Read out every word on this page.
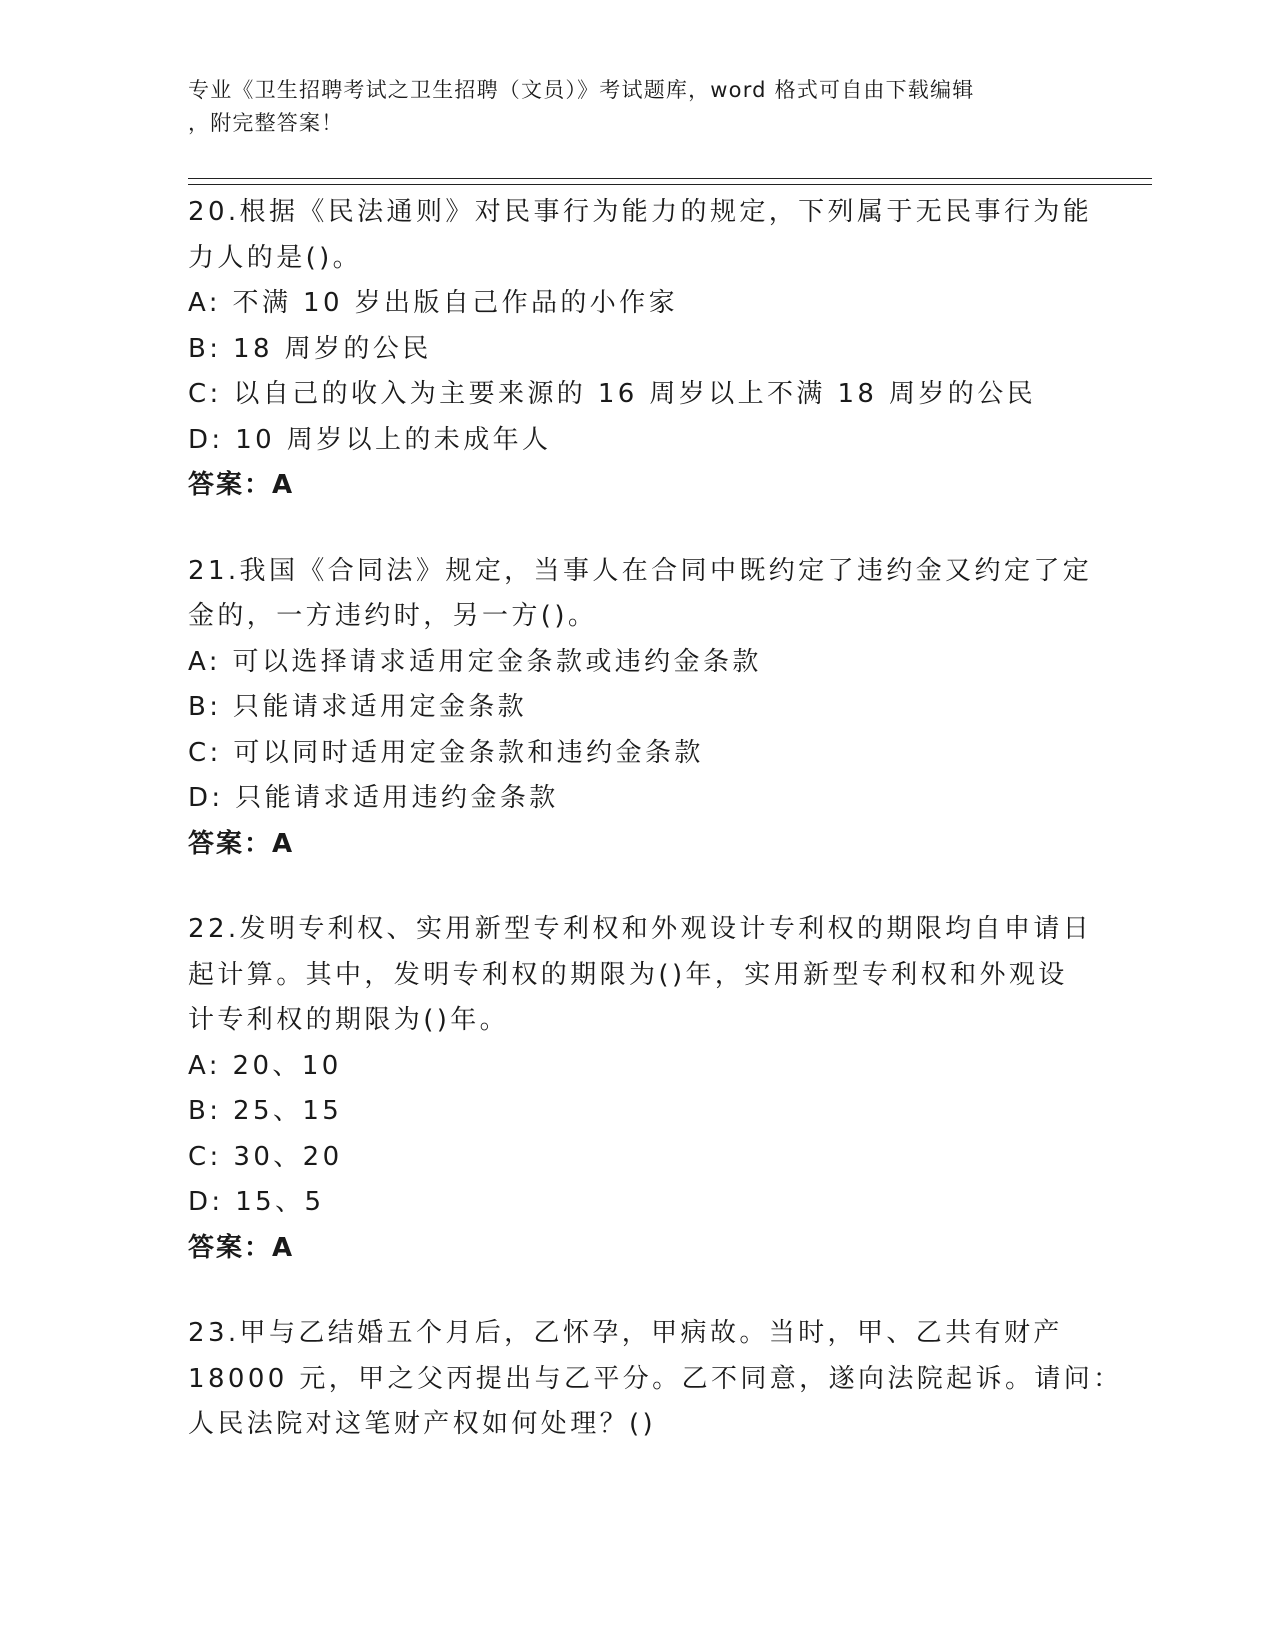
专业《卫生招聘考试之卫生招聘（文员）》考试题库，word 格式可自由下载编辑
，附完整答案！
20.根据《民法通则》对民事行为能力的规定，下列属于无民事行为能
力人的是()。
A: 不满 10 岁出版自己作品的小作家
B: 18 周岁的公民
C: 以自己的收入为主要来源的 16 周岁以上不满 18 周岁的公民
D: 10 周岁以上的未成年人
答案：A
21.我国《合同法》规定，当事人在合同中既约定了违约金又约定了定
金的，一方违约时，另一方()。
A: 可以选择请求适用定金条款或违约金条款
B: 只能请求适用定金条款
C: 可以同时适用定金条款和违约金条款
D: 只能请求适用违约金条款
答案：A
22.发明专利权、实用新型专利权和外观设计专利权的期限均自申请日
起计算。其中，发明专利权的期限为()年，实用新型专利权和外观设
计专利权的期限为()年。
A: 20、10
B: 25、15
C: 30、20
D: 15、5
答案：A
23.甲与乙结婚五个月后，乙怀孕，甲病故。当时，甲、乙共有财产
18000 元，甲之父丙提出与乙平分。乙不同意，遂向法院起诉。请问：
人民法院对这笔财产权如何处理？()
